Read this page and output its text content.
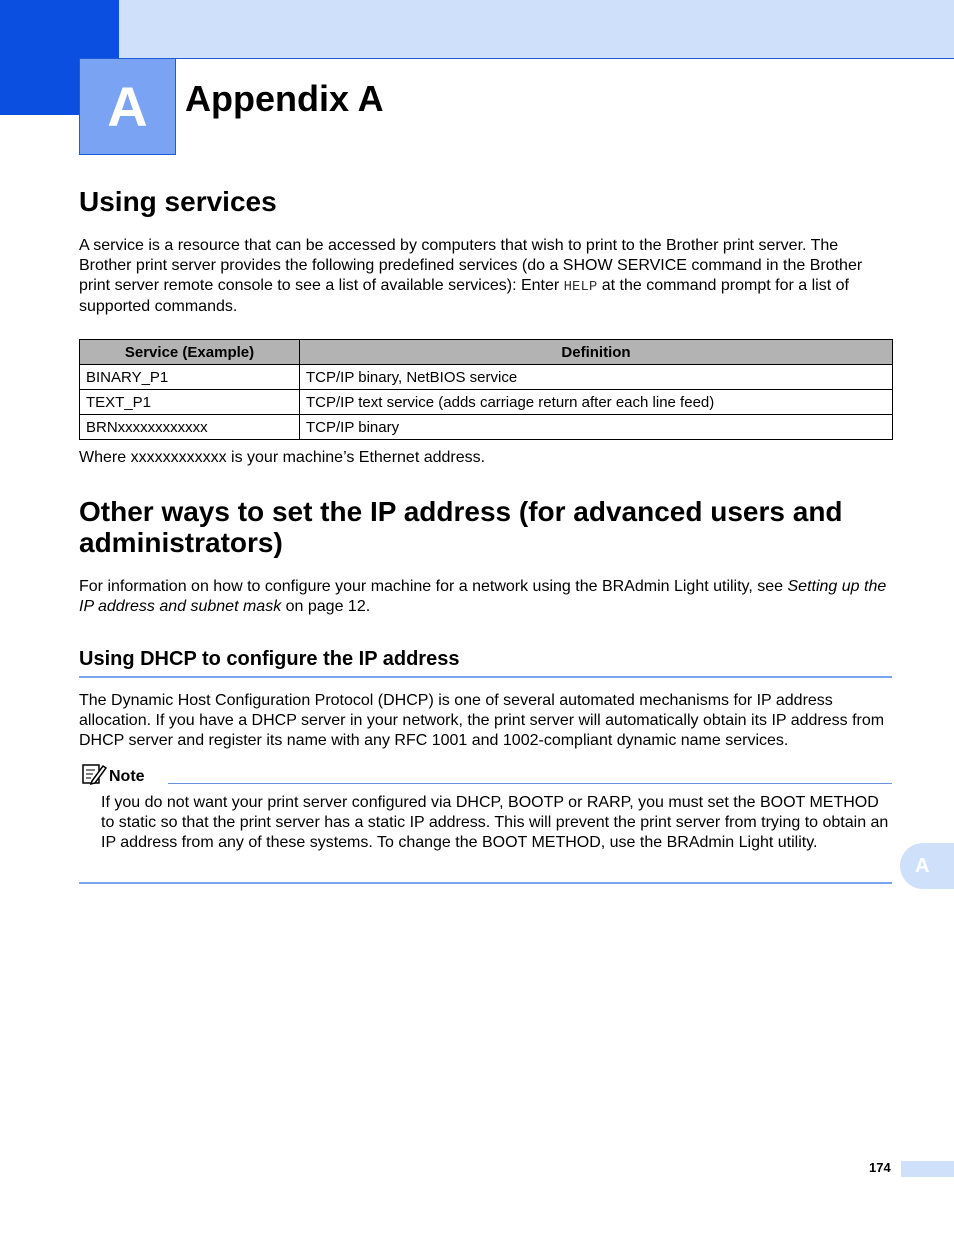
A	Appendix A
Using services

A service is a resource that can be accessed by computers that wish to print to the Brother print server. The Brother print server provides the following predefined services (do a SHOW SERVICE command in the Brother print server remote console to see a list of available services): Enter HELP at the command prompt for a list of supported commands.

Service (Example)	Definition
BINARY_P1	TCP/IP binary, NetBIOS service
TEXT_P1	TCP/IP text service (adds carriage return after each line feed)
BRNxxxxxxxxxxxx	TCP/IP binary

Where xxxxxxxxxxxx is your machine’s Ethernet address.

Other ways to set the IP address (for advanced users and administrators)

For information on how to configure your machine for a network using the BRAdmin Light utility, see Setting up the IP address and subnet mask on page 12.

Using DHCP to configure the IP address

The Dynamic Host Configuration Protocol (DHCP) is one of several automated mechanisms for IP address allocation. If you have a DHCP server in your network, the print server will automatically obtain its IP address from DHCP server and register its name with any RFC 1001 and 1002-compliant dynamic name services.

Note

If you do not want your print server configured via DHCP, BOOTP or RARP, you must set the BOOT METHOD to static so that the print server has a static IP address. This will prevent the print server from trying to obtain an IP address from any of these systems. To change the BOOT METHOD, use the BRAdmin Light utility.

A
174
